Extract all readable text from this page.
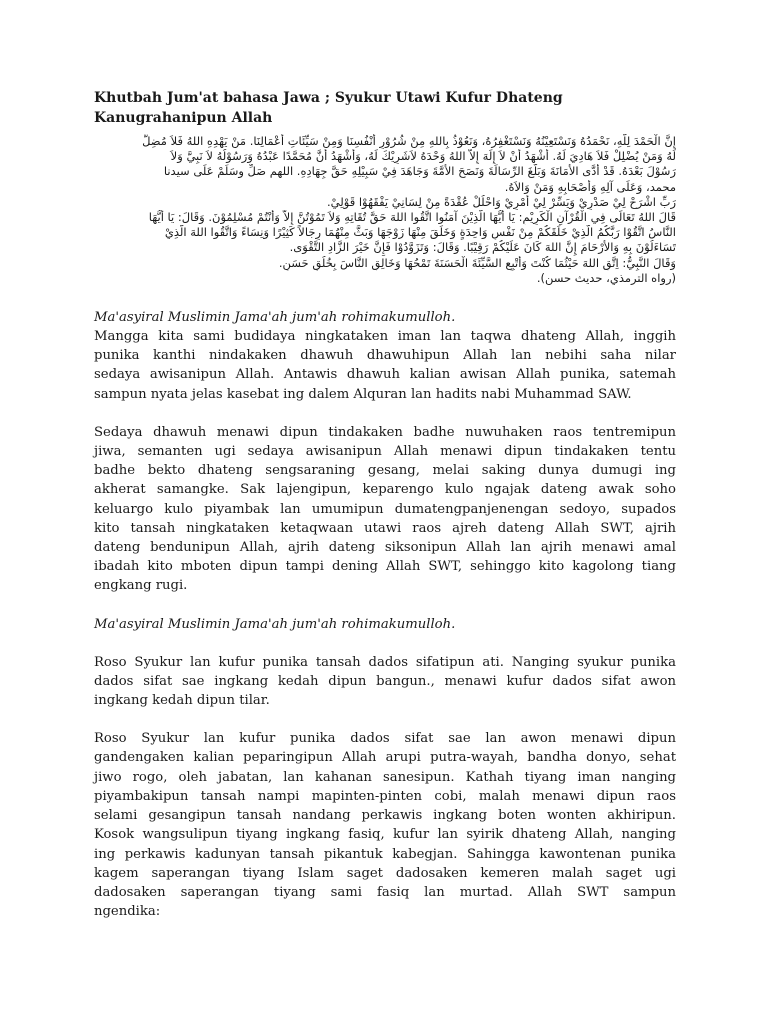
Khutbah Jum'at bahasa Jawa ; Syukur Utawi Kufur Dhateng
Kanugrahanipun Allah
إِنَّ الْحَمْدَ لِلَّهِ، نَحْمَدُهُ وَنَسْتَعِيْنُهُ وَنَسْتَغْفِرُهُ، وَنَعُوْذُ بِاللهِ مِنْ شُرُوْرِ أَنْفُسِنَا وَمِنْ سَيِّئَاتِ أَعْمَالِنَا. مَنْ يَهْدِهِ اللهُ فَلاَ مُضِلَّ
لَهُ وَمَنْ يُضْلِلْ فَلاَ هَادِيَ لَهُ. أَشْهَدُ أَنْ لاَ إِلَهَ إِلاَّ اللهُ وَحْدَهُ لاَشَرِيْكَ لَهُ، وَأَشْهَدُ أَنَّ مُحَمَّدًا عَبْدُهُ وَرَسُوْلُهُ لاَ نَبِيَّ وَلاَ
رَسُوْلَ بَعْدَهُ. قَدْ أَدَّى الأَمَانَةَ وَبَلَّغَ الرِّسَالَةَ وَنَصَحَ الأُمَّةَ وَجَاهَدَ فِيْ سَبِيْلِهِ حَقَّ جِهَادِهِ. اللهم صَلِّ وسَلِّمْ عَلَى سيدنا
محمد، وَعَلَى آلِهِ وَأَصْحَابِهِ وَمَنْ وَالاَهُ.
رَبِّ اشْرَحْ لِيْ صَدْرِيْ وَيَسِّرْ لِيْ أَمْرِيْ وَاحْلُلْ عُقْدَةً مِنْ لِسَانِيْ يَفْقَهُوْا قَوْلِيْ.
قَالَ اللهُ تَعَالَى فِي الْقُرْآنِ الْكَرِيْمِ: يَا أَيُّهَا الَّذِيْنَ آمَنُوا اتَّقُوا اللهَ حَقَّ تُقَاتِهِ وَلاَ تَمُوْتُنَّ إِلاَّ وَأَنْتُمْ مُسْلِمُوْنَ. وَقَالَ: يَا أَيُّهَا
النَّاسُ اتَّقُوْا رَبَّكُمُ الَّذِيْ خَلَقَكُمْ مِنْ نَفْسٍ وَاحِدَةٍ وَخَلَقَ مِنْهَا زَوْجَهَا وَبَثَّ مِنْهُمَا رِجَالاً كَثِيْرًا وَنِسَاءً وَاتَّقُوا اللهَ الَّذِيْ
تَسَاءَلُوْنَ بِهِ وَالأَرْحَامَ إِنَّ اللهَ كَانَ عَلَيْكُمْ رَقِيْبًا. وَقَالَ: وَتَزَوَّدُوْا فَإِنَّ خَيْرَ الزَّادِ التَّقْوَى.
وَقَالَ النَّبِيُّ: اِتَّقِ اللهَ حَيْثُمَا كُنْتَ وَأَتْبِعِ السَّيِّئَةَ الْحَسَنَةَ تَمْحُهَا وَخَالِقِ النَّاسَ بِخُلُقٍ حَسَنٍ.
(رواه الترمذي، حديث حسن).

Ma'asyiral Muslimin Jama'ah jum'ah rohimakumulloh.

Mangga kita sami budidaya ningkataken iman lan taqwa dhateng Allah, inggih
punika kanthi nindakaken dhawuh dhawuhipun Allah lan nebihi saha nilar
sedaya awisanipun Allah. Antawis dhawuh kalian awisan Allah punika, satemah
sampun nyata jelas kasebat ing dalem Alquran lan hadits nabi Muhammad SAW.
Sedaya dhawuh menawi dipun tindakaken badhe nuwuhaken raos tentremipun
jiwa, semanten ugi sedaya awisanipun Allah menawi dipun tindakaken tentu
badhe bekto dhateng sengsaraning gesang, melai saking dunya dumugi ing
akherat samangke. Sak lajengipun, keparengo kulo ngajak dateng awak soho
keluargo kulo piyambak lan umumipun dumatengpanjenengan sedoyo, supados
kito tansah ningkataken ketaqwaan utawi raos ajreh dateng Allah SWT, ajrih
dateng bendunipun Allah, ajrih dateng siksonipun Allah lan ajrih menawi amal
ibadah kito mboten dipun tampi dening Allah SWT, sehinggo kito kagolong tiang
engkang rugi.

Ma'asyiral Muslimin Jama'ah jum'ah rohimakumulloh.

Roso Syukur lan kufur punika tansah dados sifatipun ati. Nanging syukur punika
dados sifat sae ingkang kedah dipun bangun., menawi kufur dados sifat awon
ingkang kedah dipun tilar.
Roso Syukur lan kufur punika dados sifat sae lan awon menawi dipun
gandengaken kalian peparingipun Allah arupi putra-wayah, bandha donyo, sehat
jiwo rogo, oleh jabatan, lan kahanan sanesipun. Kathah tiyang iman nanging
piyambakipun tansah nampi mapinten-pinten cobi, malah menawi dipun raos
selami gesangipun tansah nandang perkawis ingkang boten wonten akhiripun.
Kosok wangsulipun tiyang ingkang fasiq, kufur lan syirik dhateng Allah, nanging
ing perkawis kadunyan tansah pikantuk kabegjan. Sahingga kawontenan punika
kagem saperangan tiyang Islam saget dadosaken kemeren malah saget ugi
dadosaken saperangan tiyang sami fasiq lan murtad. Allah SWT sampun
ngendika:
